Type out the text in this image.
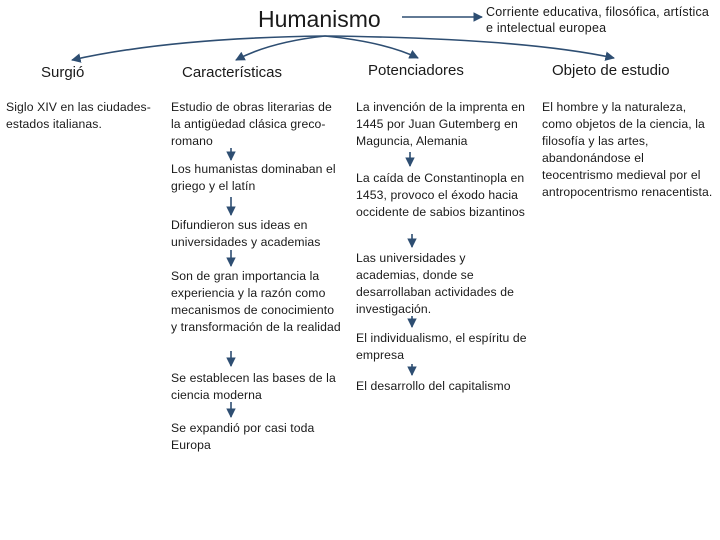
Humanismo	Corriente educativa, filosófica, artística e intelectual europea
Surgió	Características	Potenciadores	Objeto de estudio
Siglo XIV en las ciudades-estados italianas.
El hombre y la naturaleza, como objetos de la ciencia, la filosofía y las artes, abandonándose el teocentrismo medieval por el antropocentrismo renacentista.
Estudio de obras literarias de la antigüedad clásica greco-romano
Los humanistas dominaban el griego y el latín
Difundieron sus ideas en universidades y academias
Son de gran importancia la experiencia y la razón como mecanismos de conocimiento y transformación de la realidad
Se establecen las bases de la ciencia moderna
Se expandió por casi toda Europa
La invención de la imprenta en 1445 por Juan Gutemberg en Maguncia, Alemania
La caída de Constantinopla en 1453, provoco el éxodo hacia occidente de sabios bizantinos
Las universidades y academias, donde se desarrollaban actividades de investigación.
El individualismo, el espíritu de empresa
El desarrollo del capitalismo
